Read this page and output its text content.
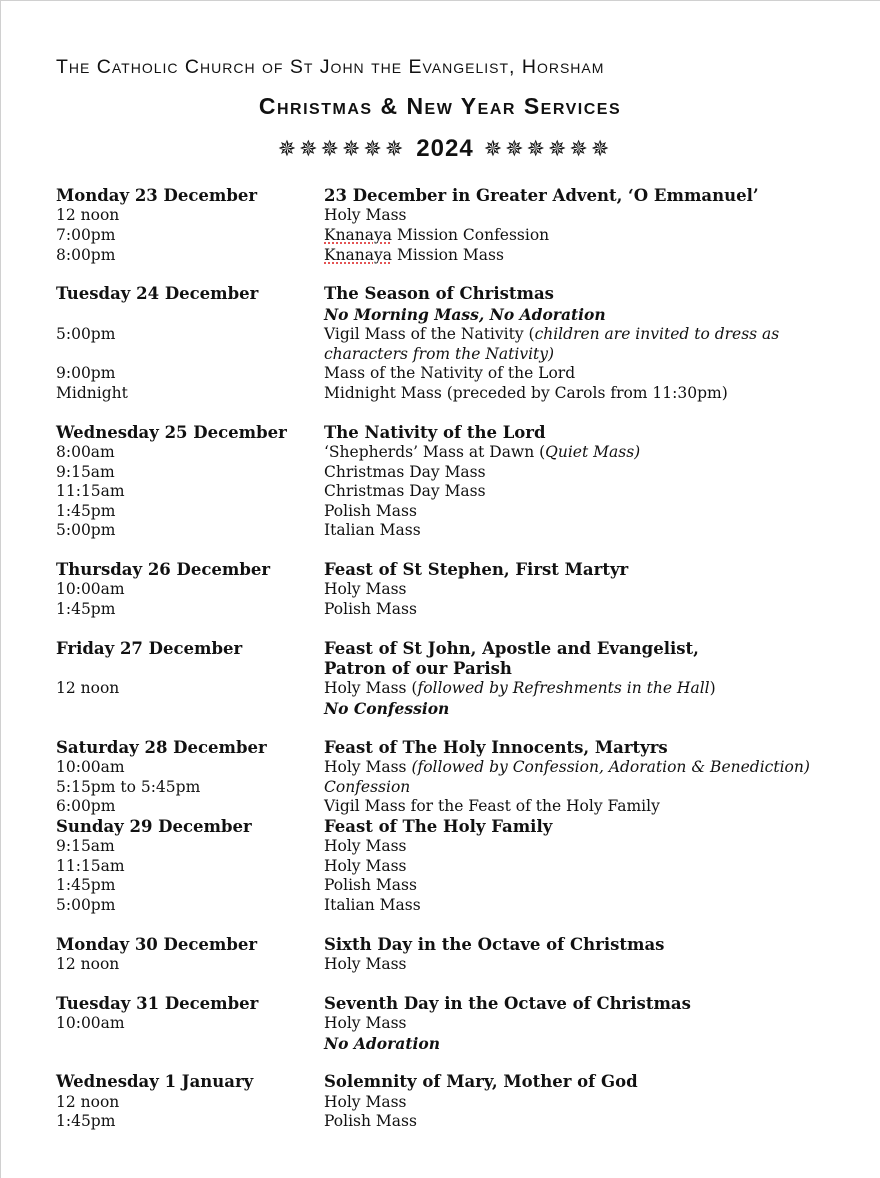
The Catholic Church of St John the Evangelist, Horsham
Christmas & New Year Services
✵✵✵✵✵✵ 2024 ✵✵✵✵✵✵
Monday 23 December	23 December in Greater Advent, ‘O Emmanuel’
12 noon	Holy Mass
7:00pm	Knanaya Mission Confession
8:00pm	Knanaya Mission Mass
Tuesday 24 December	The Season of Christmas
No Morning Mass, No Adoration
5:00pm	Vigil Mass of the Nativity (children are invited to dress as characters from the Nativity)
9:00pm	Mass of the Nativity of the Lord
Midnight	Midnight Mass (preceded by Carols from 11:30pm)
Wednesday 25 December	The Nativity of the Lord
8:00am	‘Shepherds’ Mass at Dawn (Quiet Mass)
9:15am	Christmas Day Mass
11:15am	Christmas Day Mass
1:45pm	Polish Mass
5:00pm	Italian Mass
Thursday 26 December	Feast of St Stephen, First Martyr
10:00am	Holy Mass
1:45pm	Polish Mass
Friday 27 December	Feast of St John, Apostle and Evangelist,
Patron of our Parish
12 noon	Holy Mass (followed by Refreshments in the Hall)
No Confession
Saturday 28 December	Feast of The Holy Innocents, Martyrs
10:00am	Holy Mass (followed by Confession, Adoration & Benediction)
5:15pm to 5:45pm	Confession
6:00pm	Vigil Mass for the Feast of the Holy Family
Sunday 29 December	Feast of The Holy Family
9:15am	Holy Mass
11:15am	Holy Mass
1:45pm	Polish Mass
5:00pm	Italian Mass
Monday 30 December	Sixth Day in the Octave of Christmas
12 noon	Holy Mass
Tuesday 31 December	Seventh Day in the Octave of Christmas
10:00am	Holy Mass
No Adoration
Wednesday 1 January	Solemnity of Mary, Mother of God
12 noon	Holy Mass
1:45pm	Polish Mass
